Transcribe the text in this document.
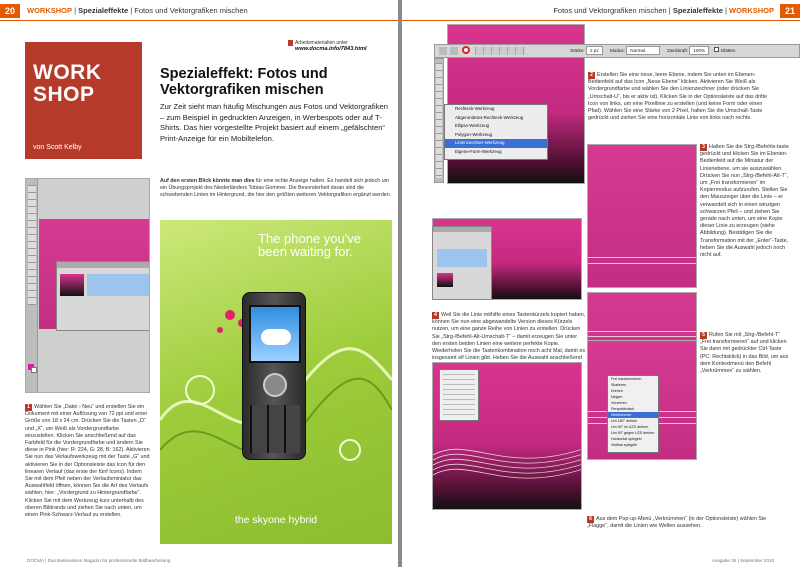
20	WORKSHOP | Spezialeffekte | Fotos und Vektorgrafiken mischen
WORK SHOP
von Scott Kelby
Arbeitsmaterialien unter
www.docma.info/7843.html
Spezialeffekt: Fotos und Vektorgrafiken mischen
Zur Zeit sieht man häufig Mischungen aus Fotos und Vektorgrafiken – zum Beispiel in gedruckten Anzeigen, in Werbespots oder auf T-Shirts. Das hier vorgestellte Projekt basiert auf einem „gefälschten“ Print-Anzeige für ein Mobiltelefon.
Auf den ersten Blick könnte man dies für eine echte Anzeige halten. Es handelt sich jedoch um ein Übungsprojekt des Niederländers Tobias Gommer. Die Besonderheit daran sind die schwebenden Linien im Hintergrund, die hier den größten weiteren Vektorgrafiken ergänzt werden.
1 Wählen Sie „Datei › Neu“ und erstellen Sie ein Dokument mit einer Auflösung von 72 ppi und einer Größe von 18 x 24 cm. Drücken Sie die Tasten „D“ und „X“, um Weiß als Vordergrundfarbe einzustellen. Klicken Sie anschließend auf das Farbfeld für die Vordergrundfarbe und ändern Sie diese in Pink (hier: R: 224, G: 28, B: 162). Aktivieren Sie nun das Verlaufswerkzeug mit der Taste „G“ und aktivieren Sie in der Optionsleiste das Icon für den linearen Verlauf (das erste der fünf Icons). Indem Sie mit dem Pfeil neben der Verlaufsminiatur das Auswahlfeld öffnen, können Sie die Art des Verlaufs wählen, hier: „Vordergrund zu Hintergrundfarbe“. Klicken Sie mit dem Werkzeug kurz unterhalb des oberen Bildrands und ziehen Sie nach unten, um einen Pink-Schwarz-Verlauf zu erstellen.
The phone you've been waiting for.
the skyone hybrid
DOCMA | Das Basiswissen Magazin für professionelle Bildbearbeitung
21
Fotos und Vektorgrafiken mischen | Spezialeffekte | WORKSHOP
Stärke: 2 px Modus: Normal	Deckkraft: 100%	Glätten
Rechteck-Werkzeug
Abgerundetes-Rechteck-Werkzeug
Ellipse-Werkzeug
Polygon-Werkzeug
Linienzeichner-Werkzeug
Eigene-Form-Werkzeug
2 Erstellen Sie eine neue, leere Ebene, indem Sie unten im Ebenen-Bedienfeld auf das Icon „Neue Ebene“ klicken. Aktivieren Sie Weiß als Vordergrundfarbe und wählen Sie den Linienzeichner (oder drücken Sie „Umschalt-U“, bis er aktiv ist). Klicken Sie in der Optionsleiste auf das dritte Icon von links, um eine Pixellinie zu erstellen (und keine Form oder einen Pfad). Wählen Sie eine Stärke von 2 Pixel, halten Sie die Umschalt-Taste gedrückt und ziehen Sie eine horizontale Linie von links nach rechts.
3 Halten Sie die Strg-/Befehls-taste gedrückt und klicken Sie im Ebenen-Bedienfeld auf die Miniatur der Linienebene, um sie auszuwählen. Drücken Sie nun „Strg-/Befehl-Alt-T“, um „Frei transformieren“ im Kopiermodus aufzurufen. Stellen Sie den Mauszeiger über die Linie – er verwandelt sich in einen winzigen schwarzen Pfeil – und ziehen Sie gerade nach unten, um eine Kopie dieser Linie zu erzeugen (siehe Abbildung). Bestätigen Sie die Transformation mit der „Enter“-Taste, heben Sie die Auswahl jedoch noch nicht auf.
4 Weil Sie die Linie mithilfe eines Tastenkürzels kopiert haben, können Sie nun eine abgewandelte Version dieses Kürzels nutzen, um eine ganze Reihe von Linien zu erstellen. Drücken Sie „Strg-/Befehl-Alt-Umschalt-T“ – damit erzeugen Sie unter den ersten beiden Linien eine weitere perfekte Kopie. Wiederholen Sie die Tastenkombination noch acht Mal, damit es insgesamt elf Linien gibt. Heben Sie die Auswahl anschließend
Frei transformieren
Skalieren
Drehen
Neigen
Verzerren
Perspektivisch
Verkrümmen
Um 180° drehen
Um 90° im UZS drehen
Um 90° gegen UZS drehen
Horizontal spiegeln
Vertikal spiegeln
5 Rufen Sie mit „Strg-/Befehl-T“ „Frei transformieren“ auf und klicken Sie dann mit gedrückter Ctrl-Taste (PC: Rechtsklick) in das Bild, um aus dem Kontextmenü den Befehl „Verkrümmen“ zu wählen.
6 Aus dem Pop-up-Menü „Verkrümmen“ (in der Optionsleiste) wählen Sie „Flagge“, damit die Linien wie Wellen aussehen.
Ausgabe 36 | September 2010
